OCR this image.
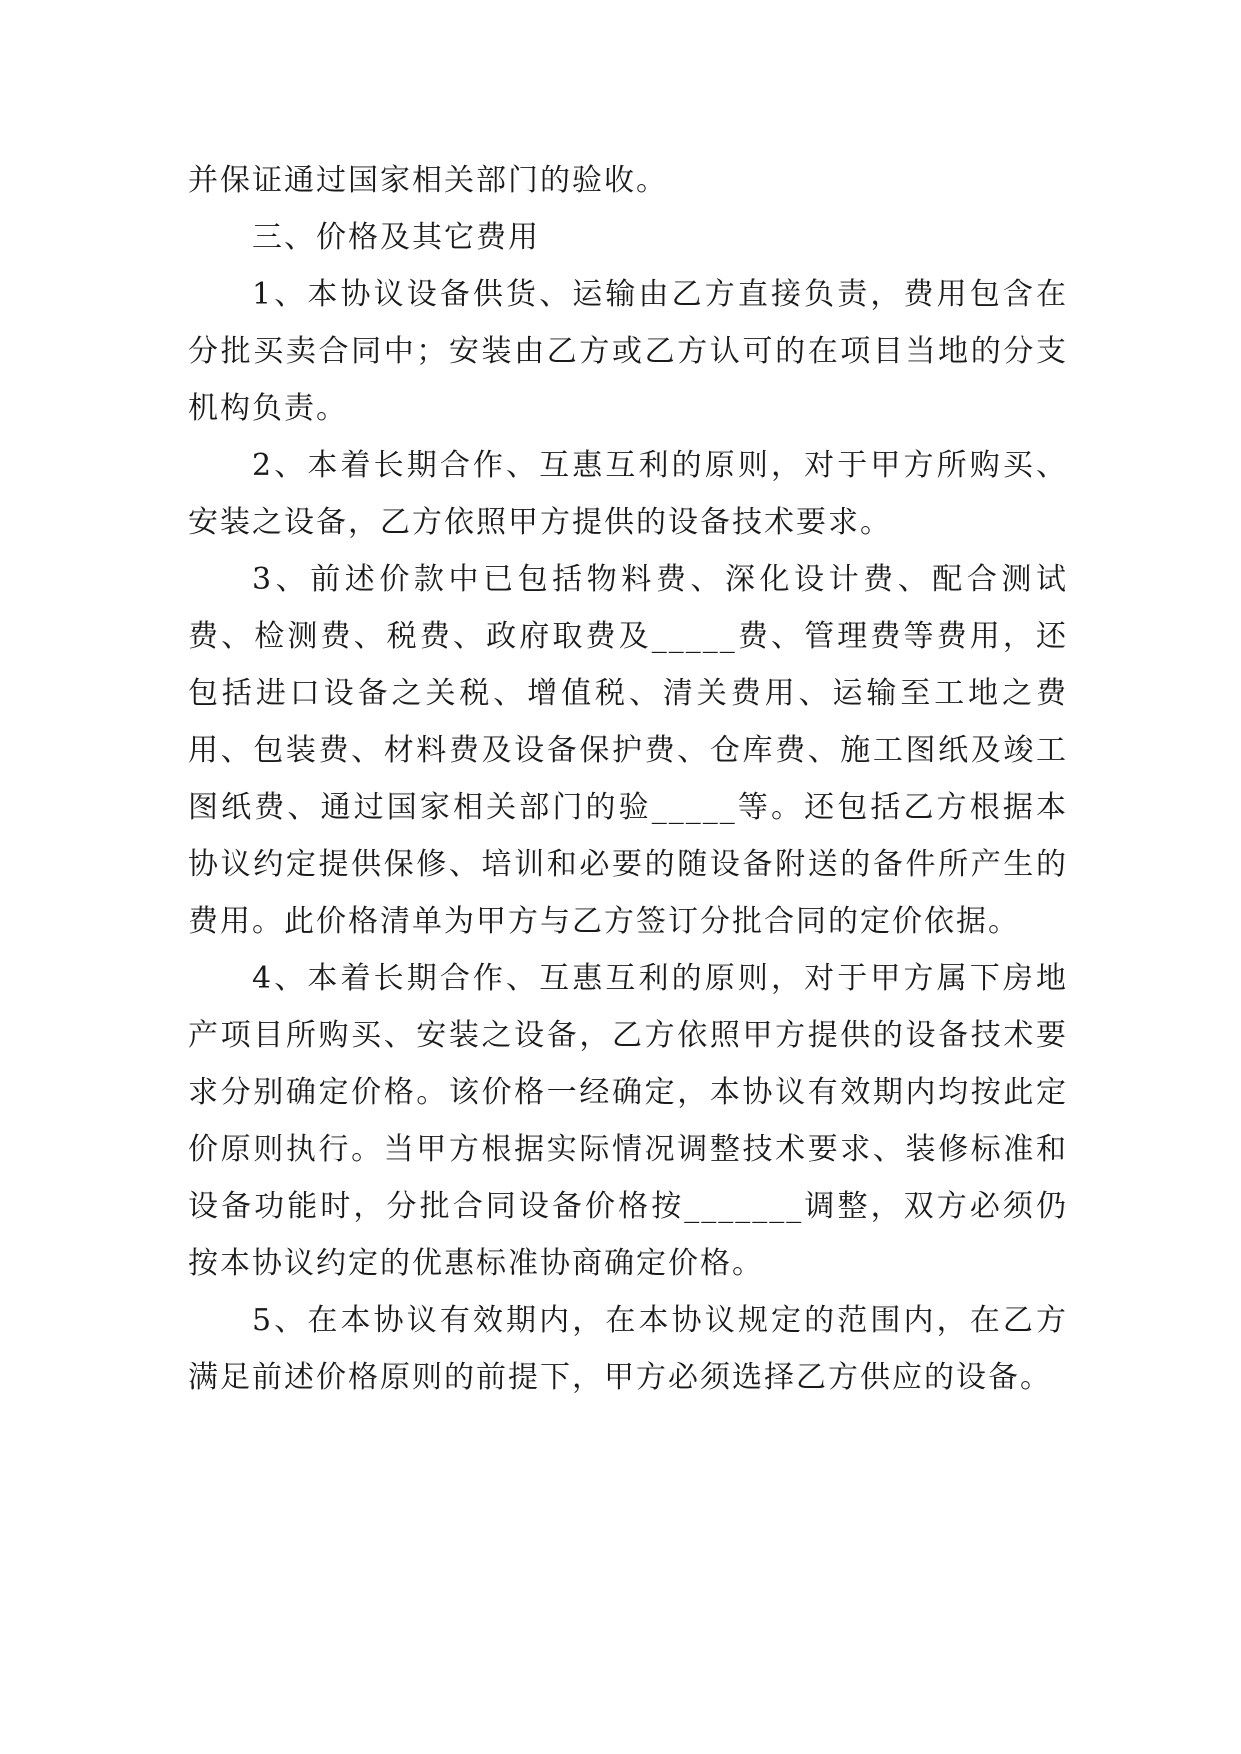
并保证通过国家相关部门的验收。

三、价格及其它费用

1、本协议设备供货、运输由乙方直接负责，费用包含在分批买卖合同中；安装由乙方或乙方认可的在项目当地的分支机构负责。

2、本着长期合作、互惠互利的原则，对于甲方所购买、安装之设备，乙方依照甲方提供的设备技术要求。

3、前述价款中已包括物料费、深化设计费、配合测试费、检测费、税费、政府取费及_____费、管理费等费用，还包括进口设备之关税、增值税、清关费用、运输至工地之费用、包装费、材料费及设备保护费、仓库费、施工图纸及竣工图纸费、通过国家相关部门的验_____等。还包括乙方根据本协议约定提供保修、培训和必要的随设备附送的备件所产生的费用。此价格清单为甲方与乙方签订分批合同的定价依据。

4、本着长期合作、互惠互利的原则，对于甲方属下房地产项目所购买、安装之设备，乙方依照甲方提供的设备技术要求分别确定价格。该价格一经确定，本协议有效期内均按此定价原则执行。当甲方根据实际情况调整技术要求、装修标准和设备功能时，分批合同设备价格按_______调整，双方必须仍按本协议约定的优惠标准协商确定价格。

5、在本协议有效期内，在本协议规定的范围内，在乙方满足前述价格原则的前提下，甲方必须选择乙方供应的设备。
